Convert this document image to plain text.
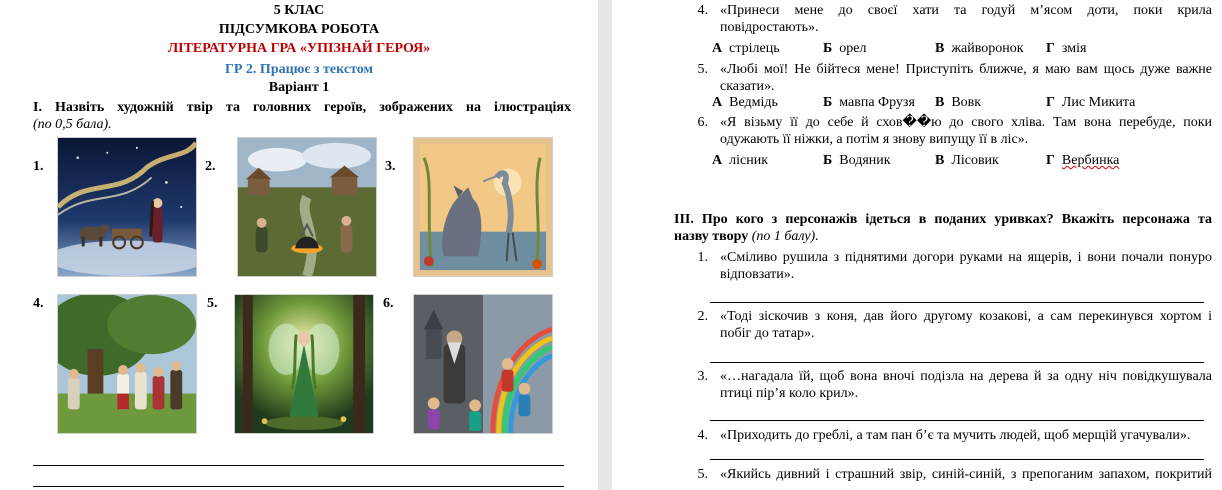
5 КЛАС
ПІДСУМКОВА РОБОТА
ЛІТЕРАТУРНА ГРА «УПІЗНАЙ ГЕРОЯ»
ГР 2. Працює з текстом
Варіант 1
І. Назвіть художній твір та головних героїв, зображених на ілюстраціях
(по 0,5 бала).
1.	2.	3.
4.	5.	6.
4. «Принеси мене до своєї хати та годуй м’ясом доти, поки крила
повідростають».
А стрілець	Б орел	В жайворонок Г змія
5. «Любі мої! Не бійтеся мене! Приступіть ближче, я маю вам щось дуже важне
сказати».
А Ведмідь	Б мавпа Фрузя В Вовк	Г Лис Микита
6. «Я візьму її до себе й схов��ю до свого хліва. Там вона перебуде, поки
одужають її ніжки, а потім я знову випущу її в ліс».
А лісник	Б Водяник	В Лісовик	Г Вербинка
ІІІ. Про кого з персонажів ідеться в поданих уривках? Вкажіть персонажа та
назву твору (по 1 балу).
1. «Сміливо рушила з піднятими догори руками на ящерів, і вони почали понуро
відповзати».
2. «Тоді зіскочив з коня, дав його другому козакові, а сам перекинувся хортом і
побіг до татар».
3. «…нагадала їй, щоб вона вночі подізла на дерева й за одну ніч повідкушувала
птиці пір’я коло крил».
4. «Приходить до греблі, а там пан б’є та мучить людей, щоб мерщій угачували».
5. «Якийсь дивний і страшний звір, синій-синій, з препоганим запахом, покритий
